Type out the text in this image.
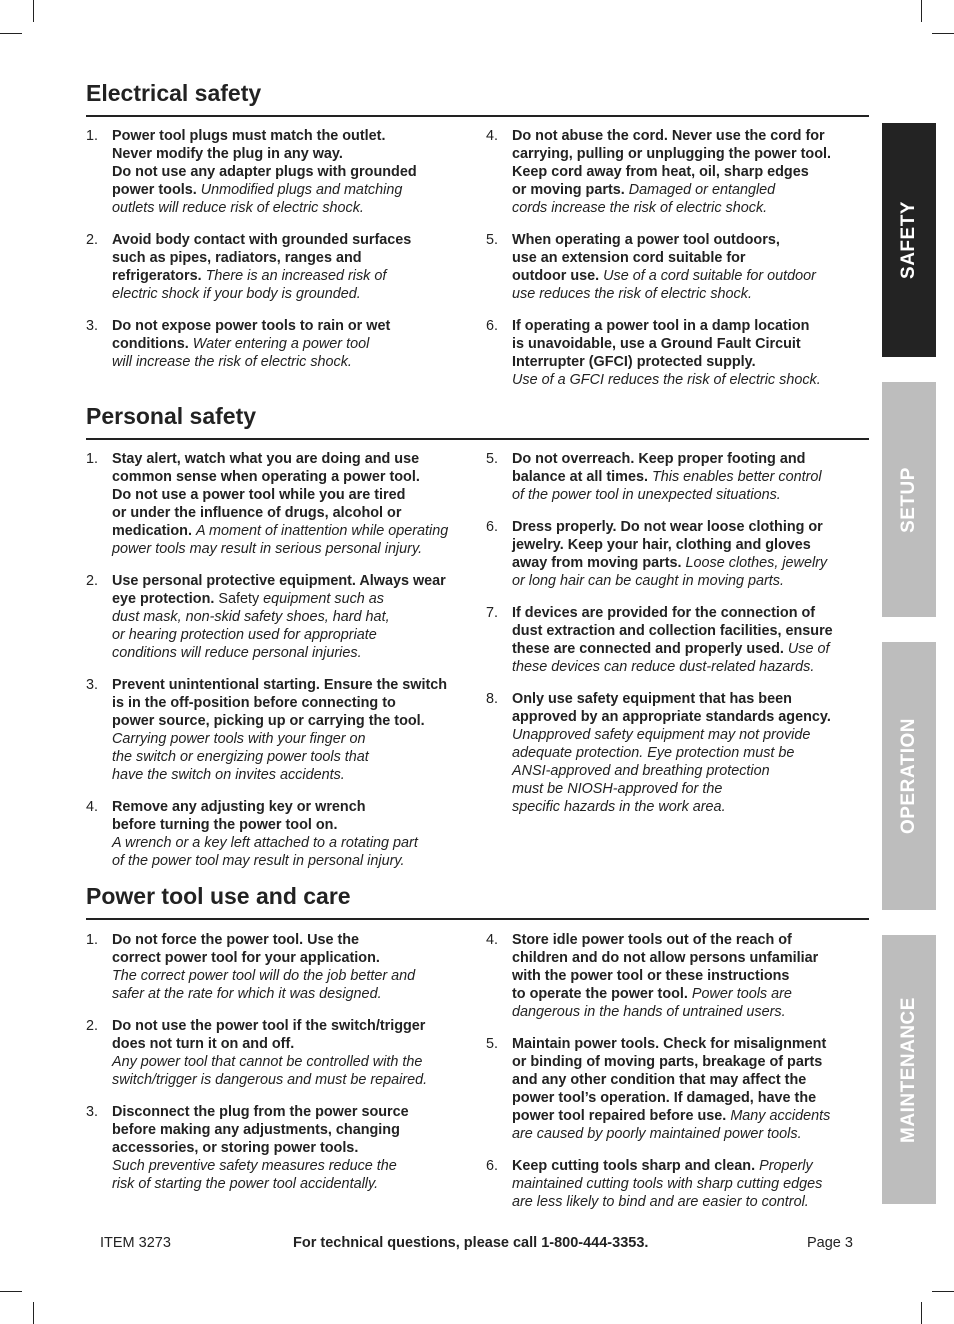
Electrical safety
1. Power tool plugs must match the outlet.
Never modify the plug in any way.
Do not use any adapter plugs with grounded
power tools. Unmodified plugs and matching
outlets will reduce risk of electric shock.
2. Avoid body contact with grounded surfaces
such as pipes, radiators, ranges and
refrigerators. There is an increased risk of
electric shock if your body is grounded.
3. Do not expose power tools to rain or wet
conditions. Water entering a power tool
will increase the risk of electric shock.
4. Do not abuse the cord. Never use the cord for
carrying, pulling or unplugging the power tool.
Keep cord away from heat, oil, sharp edges
or moving parts. Damaged or entangled
cords increase the risk of electric shock.
5. When operating a power tool outdoors,
use an extension cord suitable for
outdoor use. Use of a cord suitable for outdoor
use reduces the risk of electric shock.
6. If operating a power tool in a damp location
is unavoidable, use a Ground Fault Circuit
Interrupter (GFCI) protected supply.
Use of a GFCI reduces the risk of electric shock.
Personal safety
1. Stay alert, watch what you are doing and use
common sense when operating a power tool.
Do not use a power tool while you are tired
or under the influence of drugs, alcohol or
medication. A moment of inattention while operating
power tools may result in serious personal injury.
2. Use personal protective equipment. Always wear
eye protection. Safety equipment such as
dust mask, non-skid safety shoes, hard hat,
or hearing protection used for appropriate
conditions will reduce personal injuries.
3. Prevent unintentional starting. Ensure the switch
is in the off-position before connecting to
power source, picking up or carrying the tool.
Carrying power tools with your finger on
the switch or energizing power tools that
have the switch on invites accidents.
4. Remove any adjusting key or wrench
before turning the power tool on.
A wrench or a key left attached to a rotating part
of the power tool may result in personal injury.
5. Do not overreach. Keep proper footing and
balance at all times. This enables better control
of the power tool in unexpected situations.
6. Dress properly. Do not wear loose clothing or
jewelry. Keep your hair, clothing and gloves
away from moving parts. Loose clothes, jewelry
or long hair can be caught in moving parts.
7. If devices are provided for the connection of
dust extraction and collection facilities, ensure
these are connected and properly used. Use of
these devices can reduce dust-related hazards.
8. Only use safety equipment that has been
approved by an appropriate standards agency.
Unapproved safety equipment may not provide
adequate protection. Eye protection must be
ANSI-approved and breathing protection
must be NIOSH-approved for the
specific hazards in the work area.
Power tool use and care
1. Do not force the power tool. Use the
correct power tool for your application.
The correct power tool will do the job better and
safer at the rate for which it was designed.
2. Do not use the power tool if the switch/trigger
does not turn it on and off.
Any power tool that cannot be controlled with the
switch/trigger is dangerous and must be repaired.
3. Disconnect the plug from the power source
before making any adjustments, changing
accessories, or storing power tools.
Such preventive safety measures reduce the
risk of starting the power tool accidentally.
4. Store idle power tools out of the reach of
children and do not allow persons unfamiliar
with the power tool or these instructions
to operate the power tool. Power tools are
dangerous in the hands of untrained users.
5. Maintain power tools. Check for misalignment
or binding of moving parts, breakage of parts
and any other condition that may affect the
power tool’s operation. If damaged, have the
power tool repaired before use. Many accidents
are caused by poorly maintained power tools.
6. Keep cutting tools sharp and clean. Properly
maintained cutting tools with sharp cutting edges
are less likely to bind and are easier to control.
SAFETY
SETUP
OPERATION
MAINTENANCE
ITEM 3273	For technical questions, please call 1-800-444-3353.	Page 3
